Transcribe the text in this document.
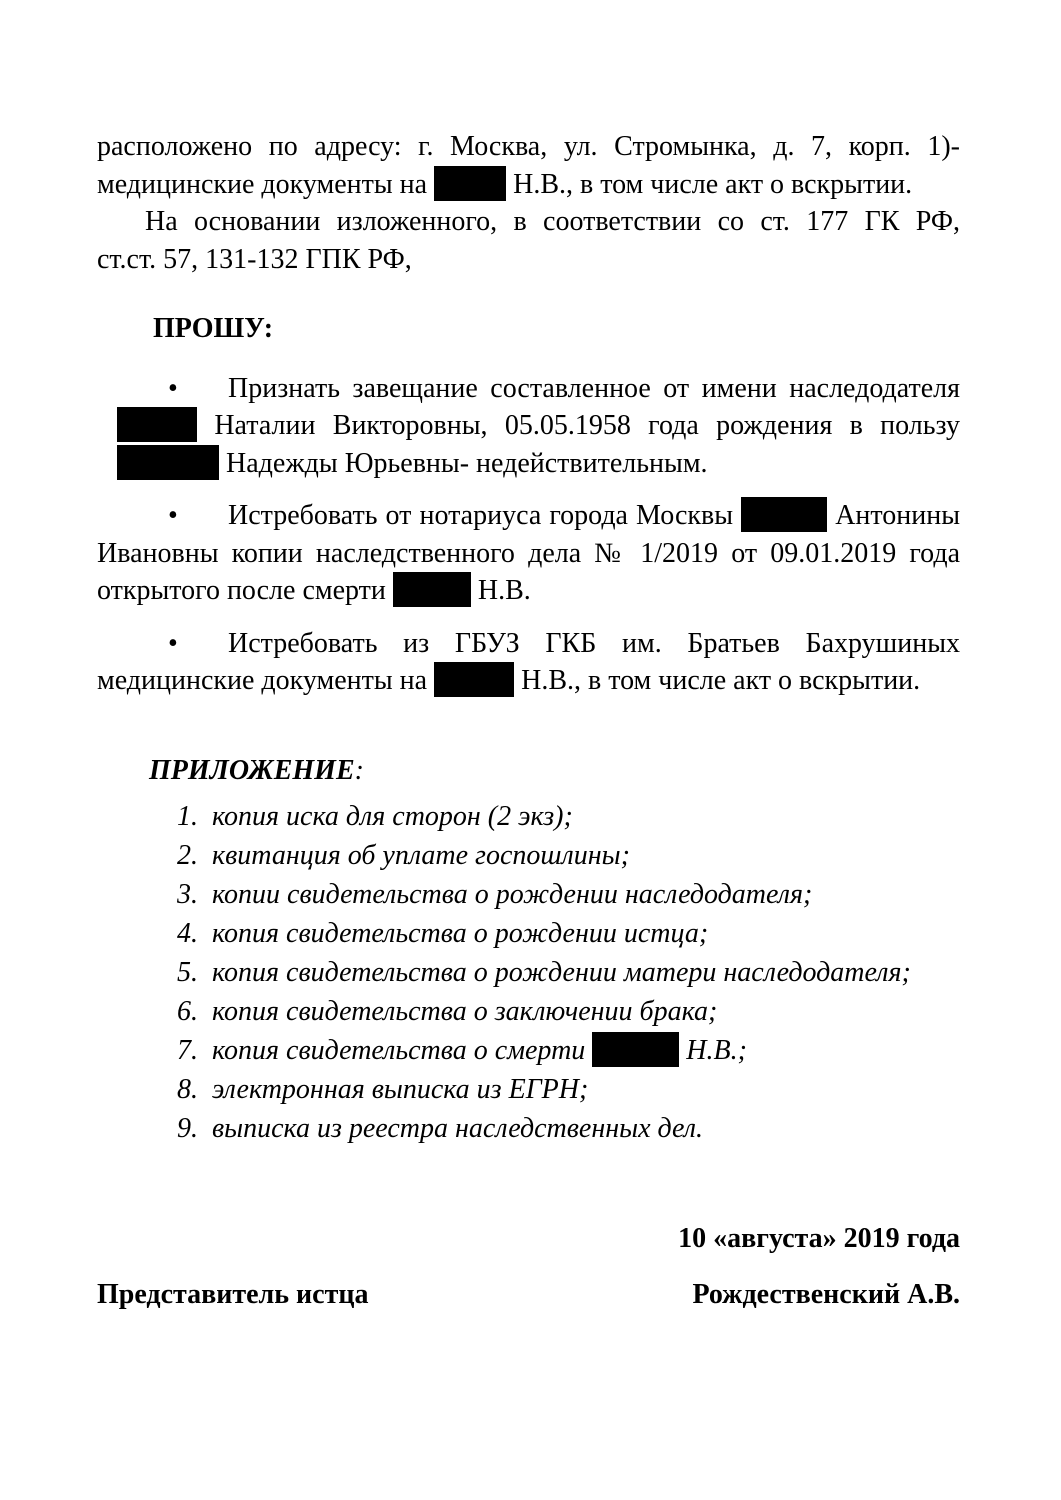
расположено по адресу: г. Москва, ул. Стромынка, д. 7, корп. 1)-
медицинские документы на	Н.В., в том числе акт о вскрытии.
На основании изложенного, в соответствии со ст. 177 ГК РФ,
ст.ст. 57, 131-132 ГПК РФ,
ПРОШУ:
• Признать завещание составленное от имени наследодателя
Наталии Викторовны, 05.05.1958 года рождения в пользу
Надежды Юрьевны- недействительным.
• Истребовать от нотариуса города Москвы	Антонины
Ивановны копии наследственного дела № 1/2019 от 09.01.2019 года
открытого после смерти	Н.В.
• Истребовать из ГБУЗ ГКБ им. Братьев Бахрушиных
медицинские документы на	Н.В., в том числе акт о вскрытии.
ПРИЛОЖЕНИЕ:
1. копия иска для сторон (2 экз);
2. квитанция об уплате госпошлины;
3. копии свидетельства о рождении наследодателя;
4. копия свидетельства о рождении истца;
5. копия свидетельства о рождении матери наследодателя;
6. копия свидетельства о заключении брака;
7. копия свидетельства о смерти	Н.В.;
8. электронная выписка из ЕГРН;
9. выписка из реестра наследственных дел.
10 «августа» 2019 года
Представитель истца	Рождественский А.В.
